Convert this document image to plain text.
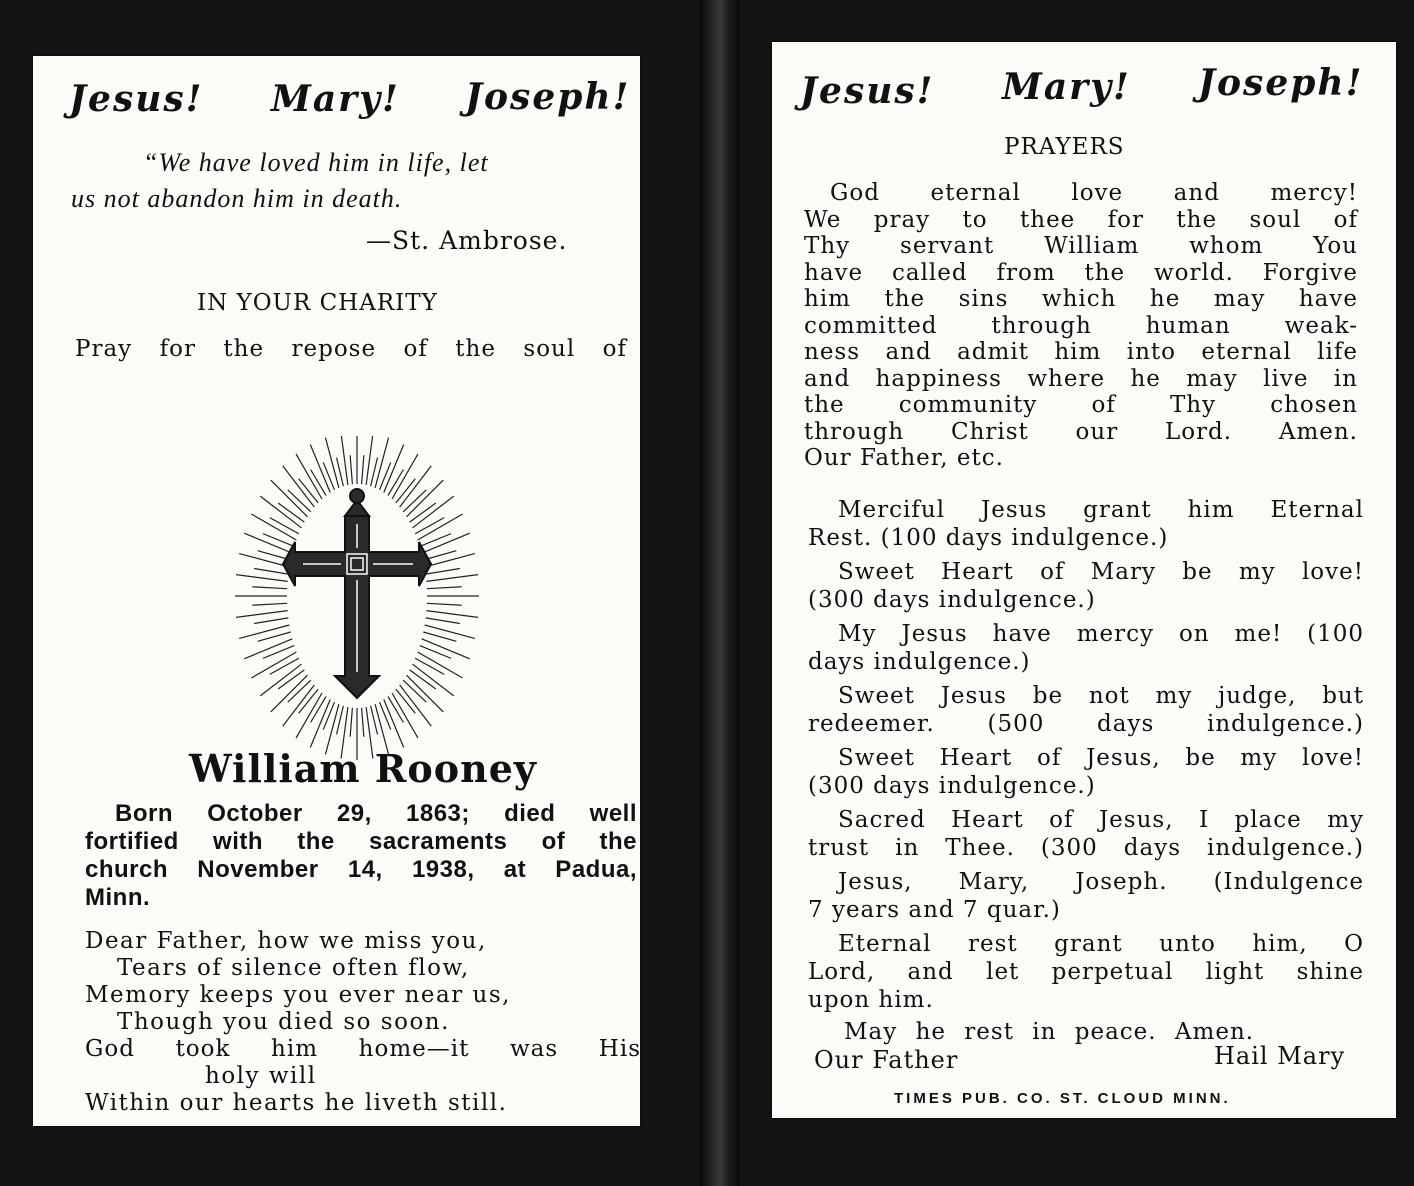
Jesus! Mary! Joseph!
“We have loved him in life, let
us not abandon him in death.
—St. Ambrose.
IN YOUR CHARITY
Pray for the repose of the soul of
William Rooney
Born October 29, 1863; died well
fortified with the sacraments of the
church November 14, 1938, at Padua,
Minn.
Dear Father, how we miss you,
Tears of silence often flow,
Memory keeps you ever near us,
Though you died so soon.
God took him home—it was His
holy will
Within our hearts he liveth still.
Jesus! Mary! Joseph!
PRAYERS
God eternal love and mercy!
We pray to thee for the soul of
Thy servant William whom You
have called from the world. Forgive
him the sins which he may have
committed through human weak-
ness and admit him into eternal life
and happiness where he may live in
the community of Thy chosen
through Christ our Lord. Amen.
Our Father, etc.
Merciful Jesus grant him Eternal
Rest. (100 days indulgence.)
Sweet Heart of Mary be my love!
(300 days indulgence.)
My Jesus have mercy on me! (100
days indulgence.)
Sweet Jesus be not my judge, but
redeemer. (500 days indulgence.)
Sweet Heart of Jesus, be my love!
(300 days indulgence.)
Sacred Heart of Jesus, I place my
trust in Thee. (300 days indulgence.)
Jesus, Mary, Joseph. (Indulgence
7 years and 7 quar.)
Eternal rest grant unto him, O
Lord, and let perpetual light shine
upon him.
May he rest in peace. Amen.
Our Father	Hail Mary
TIMES PUB. CO. ST. CLOUD MINN.
